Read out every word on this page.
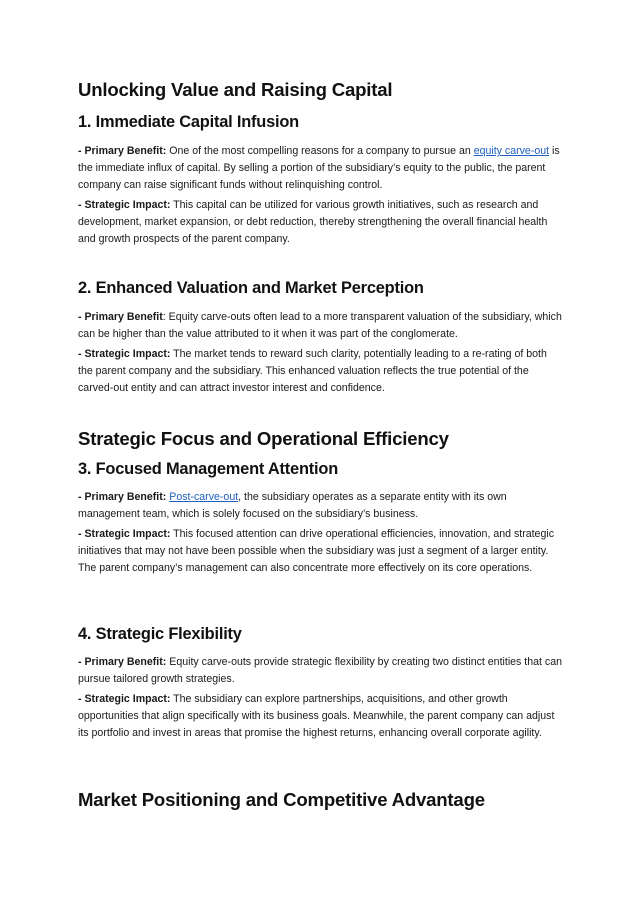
Unlocking Value and Raising Capital
1. Immediate Capital Infusion

- Primary Benefit: One of the most compelling reasons for a company to pursue an equity carve-out is the immediate influx of capital. By selling a portion of the subsidiary’s equity to the public, the parent company can raise significant funds without relinquishing control.

- Strategic Impact: This capital can be utilized for various growth initiatives, such as research and development, market expansion, or debt reduction, thereby strengthening the overall financial health and growth prospects of the parent company.

2. Enhanced Valuation and Market Perception

- Primary Benefit: Equity carve-outs often lead to a more transparent valuation of the subsidiary, which can be higher than the value attributed to it when it was part of the conglomerate.

- Strategic Impact: The market tends to reward such clarity, potentially leading to a re-rating of both the parent company and the subsidiary. This enhanced valuation reflects the true potential of the carved-out entity and can attract investor interest and confidence.

Strategic Focus and Operational Efficiency
3. Focused Management Attention

- Primary Benefit: Post-carve-out, the subsidiary operates as a separate entity with its own management team, which is solely focused on the subsidiary’s business.

- Strategic Impact: This focused attention can drive operational efficiencies, innovation, and strategic initiatives that may not have been possible when the subsidiary was just a segment of a larger entity. The parent company’s management can also concentrate more effectively on its core operations.

4. Strategic Flexibility

- Primary Benefit: Equity carve-outs provide strategic flexibility by creating two distinct entities that can pursue tailored growth strategies.

- Strategic Impact: The subsidiary can explore partnerships, acquisitions, and other growth opportunities that align specifically with its business goals. Meanwhile, the parent company can adjust its portfolio and invest in areas that promise the highest returns, enhancing overall corporate agility.

Market Positioning and Competitive Advantage
